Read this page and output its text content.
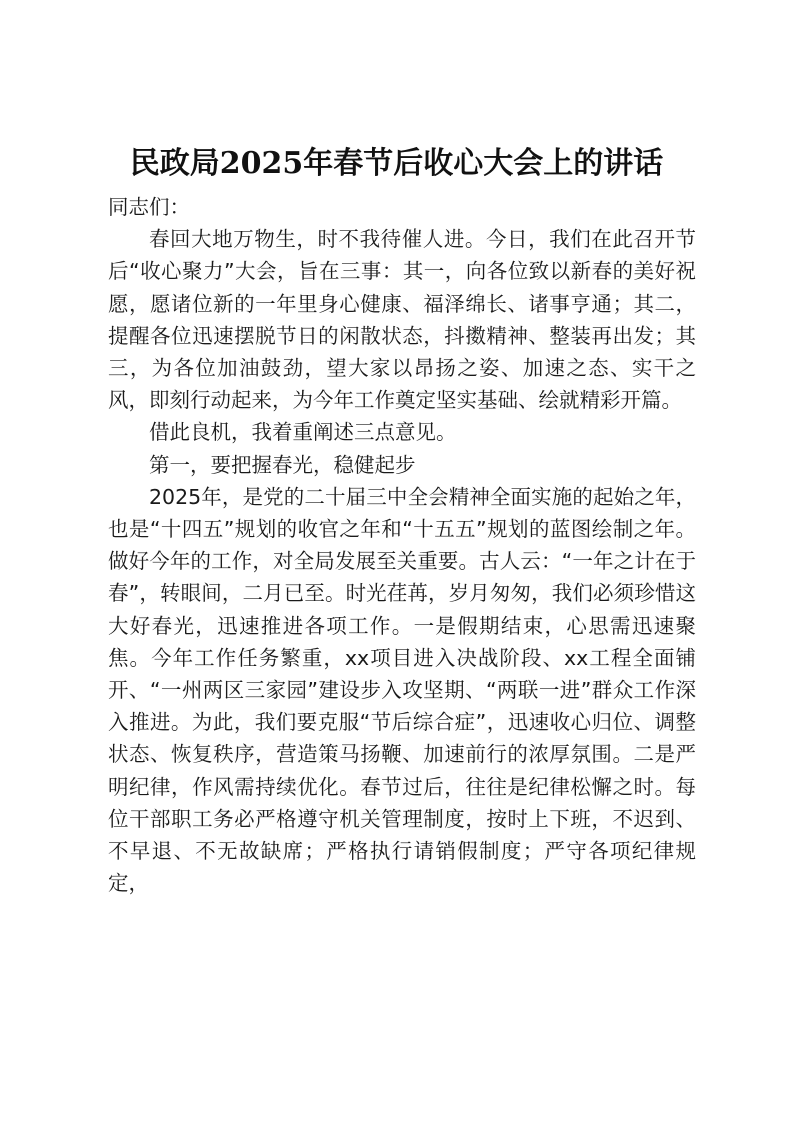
民政局2025年春节后收心大会上的讲话

同志们：

春回大地万物生，时不我待催人进。今日，我们在此召开节后“收心聚力”大会，旨在三事：其一，向各位致以新春的美好祝愿，愿诸位新的一年里身心健康、福泽绵长、诸事亨通；其二，提醒各位迅速摆脱节日的闲散状态，抖擞精神、整装再出发；其三，为各位加油鼓劲，望大家以昂扬之姿、加速之态、实干之风，即刻行动起来，为今年工作奠定坚实基础、绘就精彩开篇。

借此良机，我着重阐述三点意见。

第一，要把握春光，稳健起步

2025年，是党的二十届三中全会精神全面实施的起始之年，也是“十四五”规划的收官之年和“十五五”规划的蓝图绘制之年。做好今年的工作，对全局发展至关重要。古人云：“一年之计在于春”，转眼间，二月已至。时光荏苒，岁月匆匆，我们必须珍惜这大好春光，迅速推进各项工作。一是假期结束，心思需迅速聚焦。今年工作任务繁重，xx项目进入决战阶段、xx工程全面铺开、“一州两区三家园”建设步入攻坚期、“两联一进”群众工作深入推进。为此，我们要克服“节后综合症”，迅速收心归位、调整状态、恢复秩序，营造策马扬鞭、加速前行的浓厚氛围。二是严明纪律，作风需持续优化。春节过后，往往是纪律松懈之时。每位干部职工务必严格遵守机关管理制度，按时上下班，不迟到、不早退、不无故缺席；严格执行请销假制度；严守各项纪律规定，
